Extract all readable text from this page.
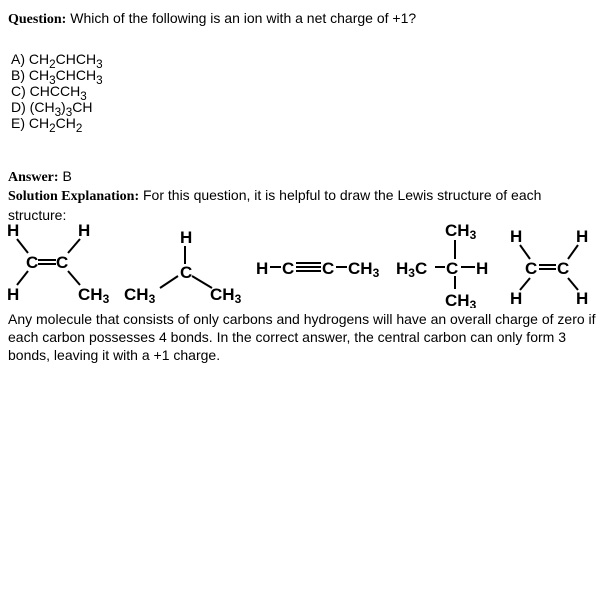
Question: Which of the following is an ion with a net charge of +1?
A) $CH_2CHCH_3$
B) $CH_3CHCH_3$
C) $CHCCH_3$
D) $(CH_3)_3CH$
E) $CH_2CH_2$
Answer: B
Solution Explanation: For this question, it is helpful to draw the Lewis structure of each structure:
H	H
C C
H	CH3
H
C
CH3	CH3
H C C CH3
CH3
H3C C H
CH3
H	H
C C
H	H
Any molecule that consists of only carbons and hydrogens will have an overall charge of zero if each carbon possesses 4 bonds. In the correct answer, the central carbon can only form 3 bonds, leaving it with a +1 charge.
